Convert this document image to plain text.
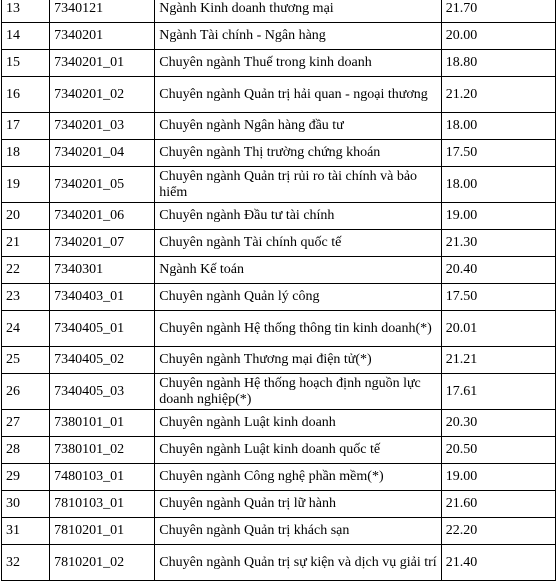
13	7340121	Ngành Kinh doanh thương mại	21.70
14	7340201	Ngành Tài chính - Ngân hàng	20.00
15	7340201_01	Chuyên ngành Thuế trong kinh doanh	18.80
16	7340201_02	Chuyên ngành Quản trị hải quan - ngoại thương	21.20
17	7340201_03	Chuyên ngành Ngân hàng đầu tư	18.00
18	7340201_04	Chuyên ngành Thị trường chứng khoán	17.50
19	7340201_05	Chuyên ngành Quản trị rủi ro tài chính và bảo hiểm	18.00
20	7340201_06	Chuyên ngành Đầu tư tài chính	19.00
21	7340201_07	Chuyên ngành Tài chính quốc tế	21.30
22	7340301	Ngành Kế toán	20.40
23	7340403_01	Chuyên ngành Quản lý công	17.50
24	7340405_01	Chuyên ngành Hệ thống thông tin kinh doanh(*)	20.01
25	7340405_02	Chuyên ngành Thương mại điện tử(*)	21.21
26	7340405_03	Chuyên ngành Hệ thống hoạch định nguồn lực doanh nghiệp(*)	17.61
27	7380101_01	Chuyên ngành Luật kinh doanh	20.30
28	7380101_02	Chuyên ngành Luật kinh doanh quốc tế	20.50
29	7480103_01	Chuyên ngành Công nghệ phần mềm(*)	19.00
30	7810103_01	Chuyên ngành Quản trị lữ hành	21.60
31	7810201_01	Chuyên ngành Quản trị khách sạn	22.20
32	7810201_02	Chuyên ngành Quản trị sự kiện và dịch vụ giải trí	21.40
